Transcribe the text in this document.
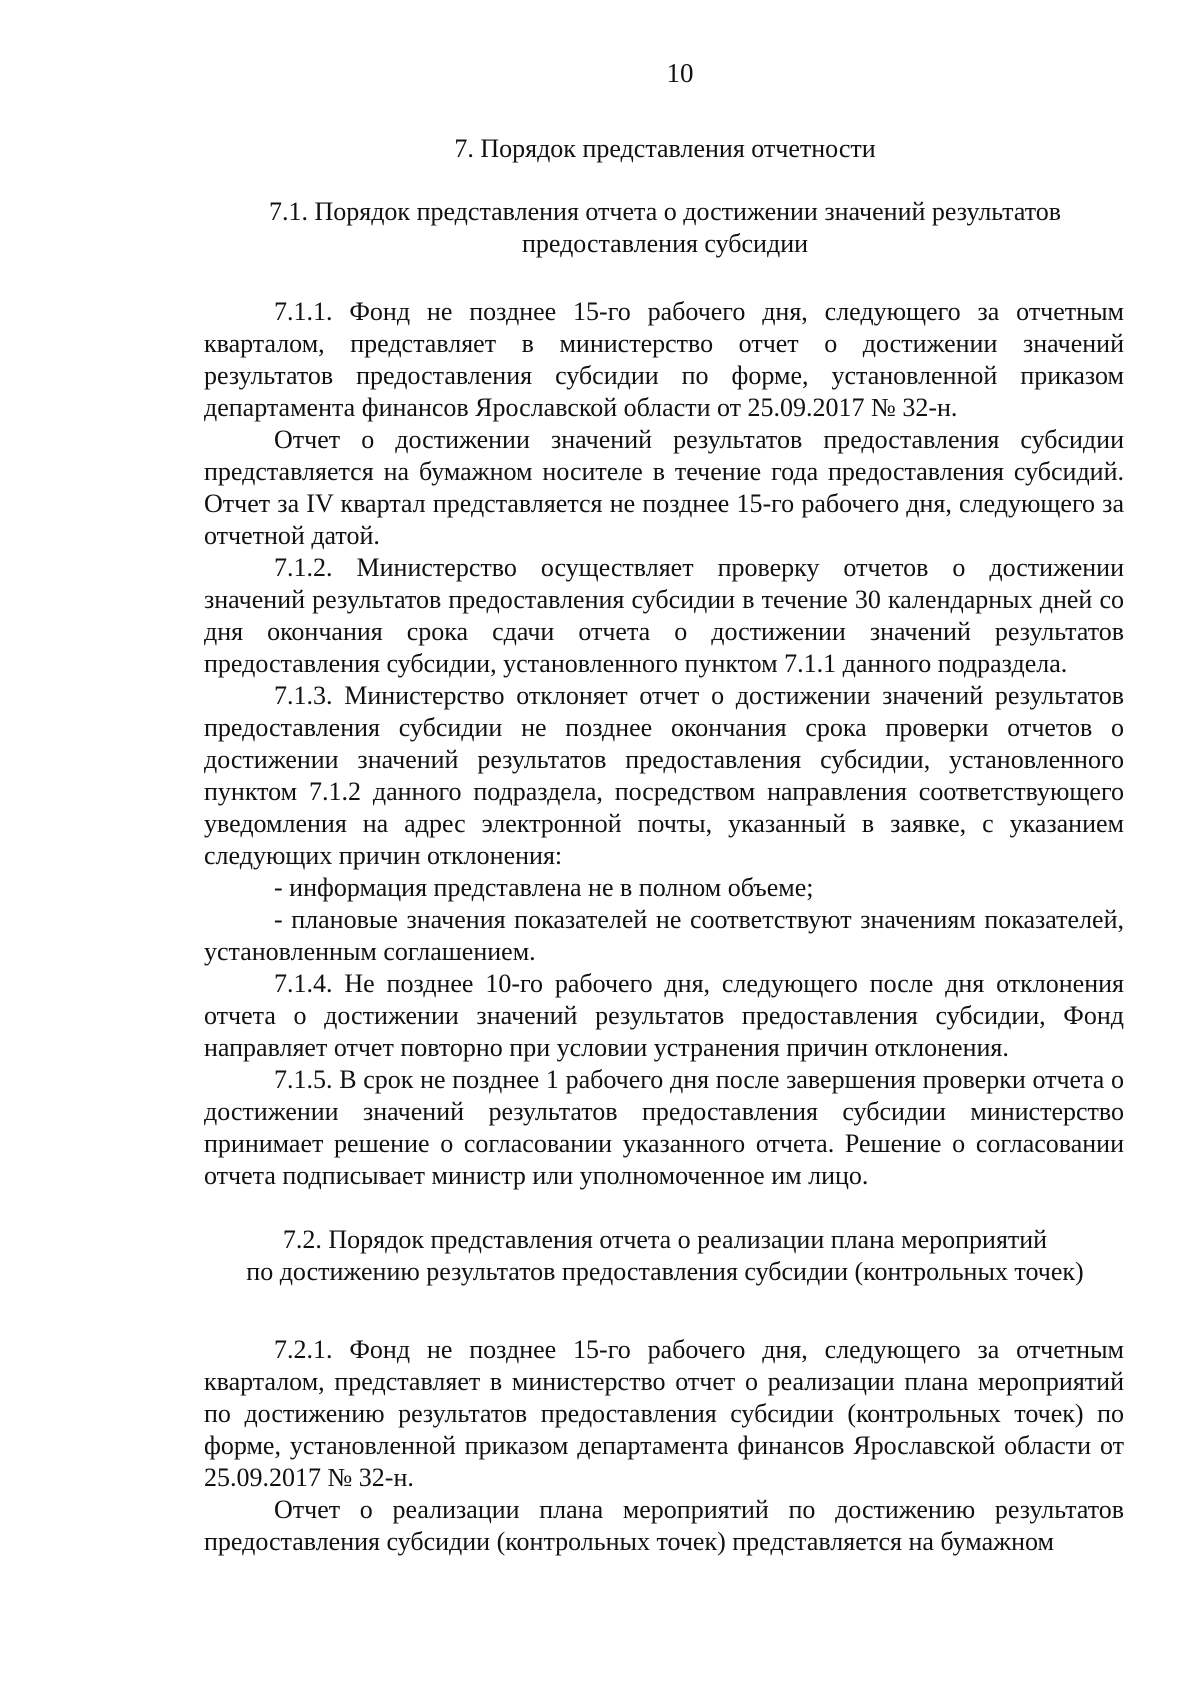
10
7. Порядок представления отчетности
7.1. Порядок представления отчета о достижении значений результатов
предоставления субсидии

7.1.1. Фонд не позднее 15-го рабочего дня, следующего за отчетным кварталом, представляет в министерство отчет о достижении значений результатов предоставления субсидии по форме, установленной приказом департамента финансов Ярославской области от 25.09.2017 № 32-н.

Отчет о достижении значений результатов предоставления субсидии представляется на бумажном носителе в течение года предоставления субсидий. Отчет за IV квартал представляется не позднее 15-го рабочего дня, следующего за отчетной датой.

7.1.2. Министерство осуществляет проверку отчетов о достижении значений результатов предоставления субсидии в течение 30 календарных дней со дня окончания срока сдачи отчета о достижении значений результатов предоставления субсидии, установленного пунктом 7.1.1 данного подраздела.

7.1.3. Министерство отклоняет отчет о достижении значений результатов предоставления субсидии не позднее окончания срока проверки отчетов о достижении значений результатов предоставления субсидии, установленного пунктом 7.1.2 данного подраздела, посредством направления соответствующего уведомления на адрес электронной почты, указанный в заявке, с указанием следующих причин отклонения:

- информация представлена не в полном объеме;

- плановые значения показателей не соответствуют значениям показателей, установленным соглашением.

7.1.4. Не позднее 10-го рабочего дня, следующего после дня отклонения отчета о достижении значений результатов предоставления субсидии, Фонд направляет отчет повторно при условии устранения причин отклонения.

7.1.5. В срок не позднее 1 рабочего дня после завершения проверки отчета о достижении значений результатов предоставления субсидии министерство принимает решение о согласовании указанного отчета. Решение о согласовании отчета подписывает министр или уполномоченное им лицо.

7.2. Порядок представления отчета о реализации плана мероприятий
по достижению результатов предоставления субсидии (контрольных точек)

7.2.1. Фонд не позднее 15-го рабочего дня, следующего за отчетным кварталом, представляет в министерство отчет о реализации плана мероприятий по достижению результатов предоставления субсидии (контрольных точек) по форме, установленной приказом департамента финансов Ярославской области от 25.09.2017 № 32-н.

Отчет о реализации плана мероприятий по достижению результатов предоставления субсидии (контрольных точек) представляется на бумажном
